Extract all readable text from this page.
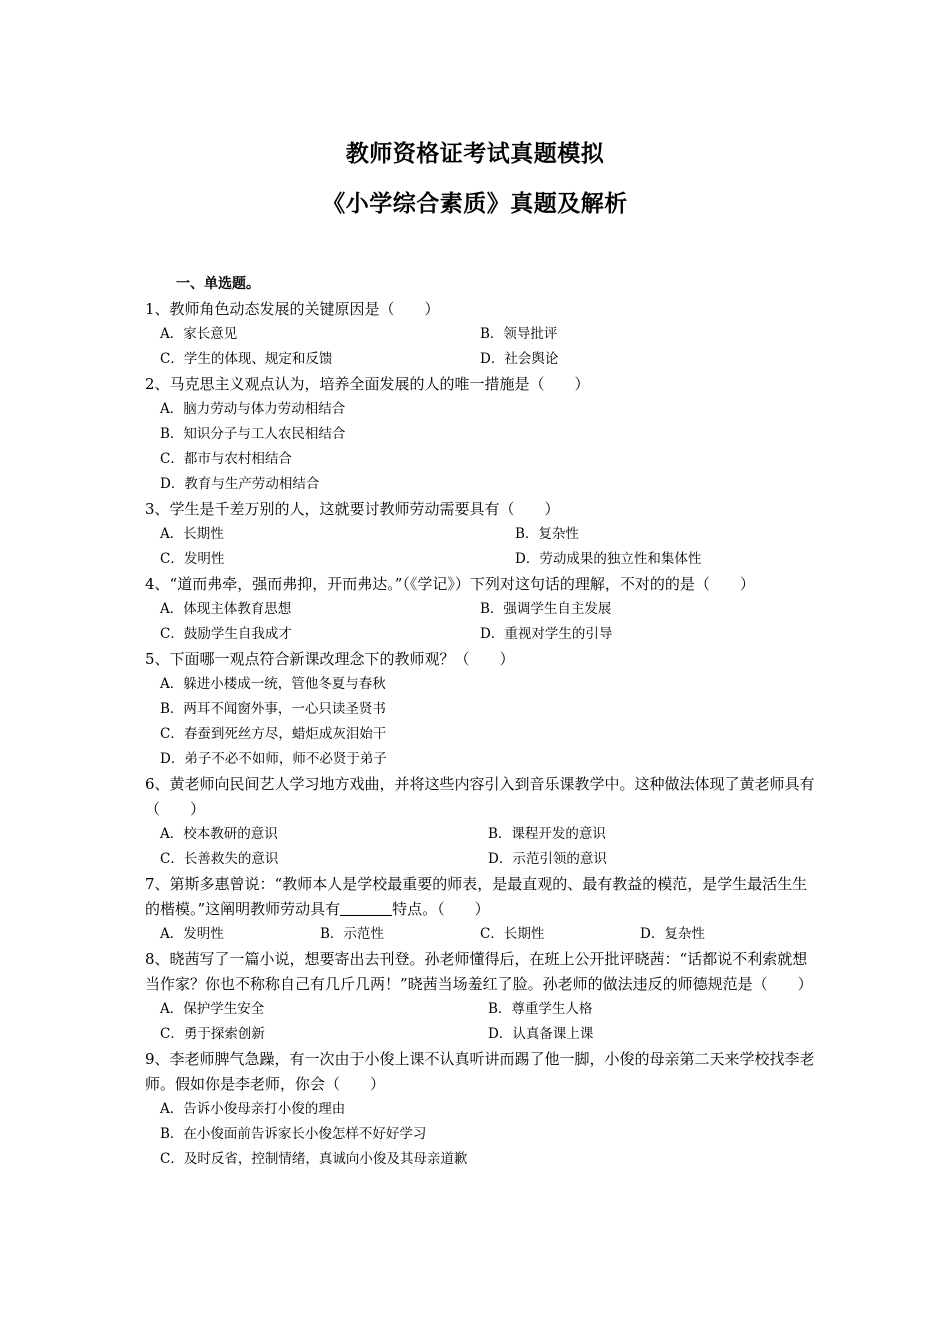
教师资格证考试真题模拟
《小学综合素质》真题及解析
一、单选题。

1、教师角色动态发展的关键原因是（　　）

A．家长意见	B．领导批评
C．学生的体现、规定和反馈	D．社会舆论

2、马克思主义观点认为，培养全面发展的人的唯一措施是（　　）

A．脑力劳动与体力劳动相结合
B．知识分子与工人农民相结合
C．都市与农村相结合
D．教育与生产劳动相结合

3、学生是千差万别的人，这就要讨教师劳动需要具有（　　）

A．长期性	B．复杂性
C．发明性	D．劳动成果的独立性和集体性

4、“道而弗牵，强而弗抑，开而弗达。”（《学记》）下列对这句话的理解，不对的的是（　　）

A．体现主体教育思想	B．强调学生自主发展
C．鼓励学生自我成才	D．重视对学生的引导

5、下面哪一观点符合新课改理念下的教师观？（　　）

A．躲进小楼成一统，管他冬夏与春秋
B．两耳不闻窗外事，一心只读圣贤书
C．春蚕到死丝方尽，蜡炬成灰泪始干
D．弟子不必不如师，师不必贤于弟子

6、黄老师向民间艺人学习地方戏曲，并将这些内容引入到音乐课教学中。这种做法体现了黄老师具有（　　）

A．校本教研的意识	B．课程开发的意识
C．长善救失的意识	D．示范引领的意识

7、第斯多惠曾说：“教师本人是学校最重要的师表，是最直观的、最有教益的模范，是学生最活生生的楷模。”这阐明教师劳动具有	特点。（　　）

A．发明性	B．示范性	C．长期性	D．复杂性

8、晓茜写了一篇小说，想要寄出去刊登。孙老师懂得后，在班上公开批评晓茜：“话都说不利索就想当作家？你也不称称自己有几斤几两！”晓茜当场羞红了脸。孙老师的做法违反的师德规范是（　　）

A．保护学生安全	B．尊重学生人格
C．勇于探索创新	D．认真备课上课

9、李老师脾气急躁，有一次由于小俊上课不认真听讲而踢了他一脚，小俊的母亲第二天来学校找李老师。假如你是李老师，你会（　　）

A．告诉小俊母亲打小俊的理由
B．在小俊面前告诉家长小俊怎样不好好学习
C．及时反省，控制情绪，真诚向小俊及其母亲道歉
